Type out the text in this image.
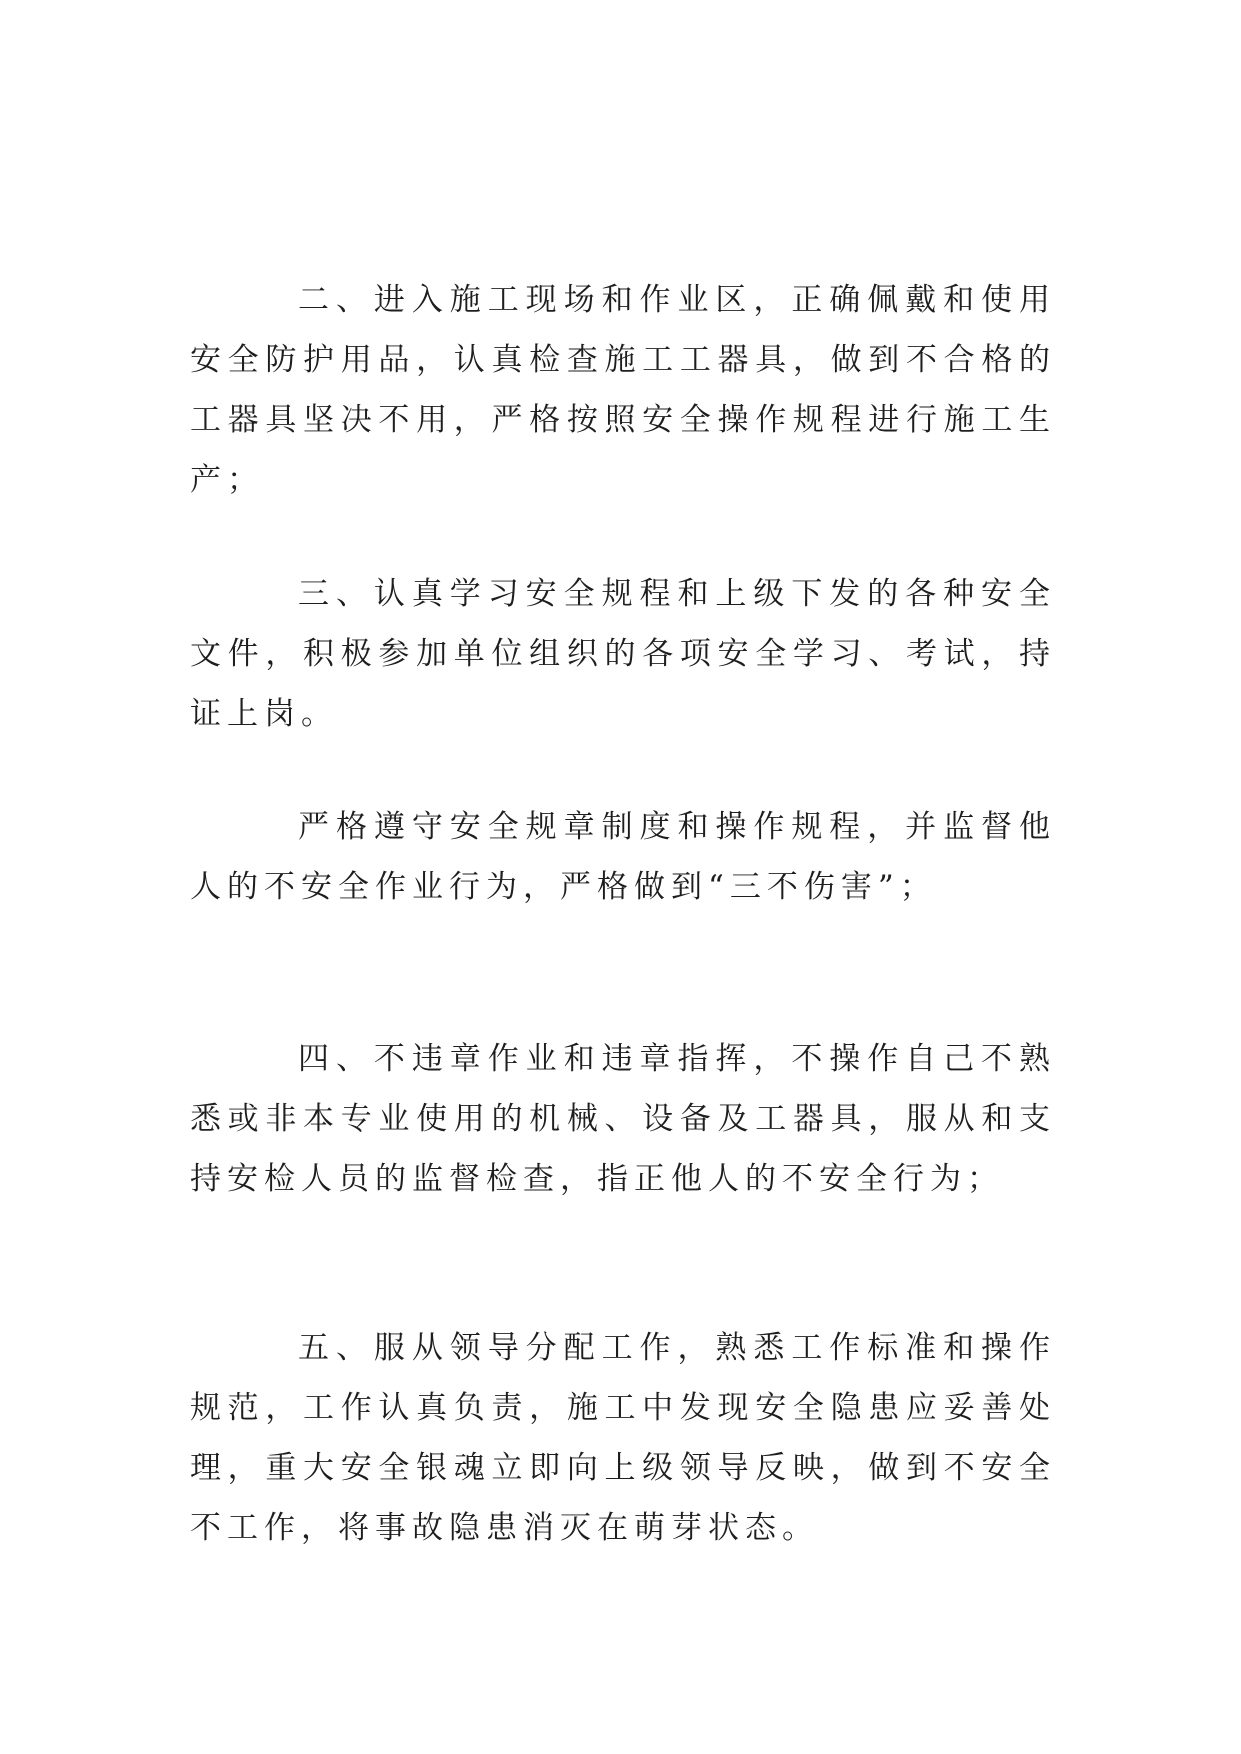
二、进入施工现场和作业区，正确佩戴和使用安全防护用品，认真检查施工工器具，做到不合格的工器具坚决不用，严格按照安全操作规程进行施工生产；

三、认真学习安全规程和上级下发的各种安全文件，积极参加单位组织的各项安全学习、考试，持证上岗。

严格遵守安全规章制度和操作规程，并监督他人的不安全作业行为，严格做到“三不伤害”；

四、不违章作业和违章指挥，不操作自己不熟悉或非本专业使用的机械、设备及工器具，服从和支持安检人员的监督检查，指正他人的不安全行为；

五、服从领导分配工作，熟悉工作标准和操作规范，工作认真负责，施工中发现安全隐患应妥善处理，重大安全银魂立即向上级领导反映，做到不安全不工作，将事故隐患消灭在萌芽状态。
